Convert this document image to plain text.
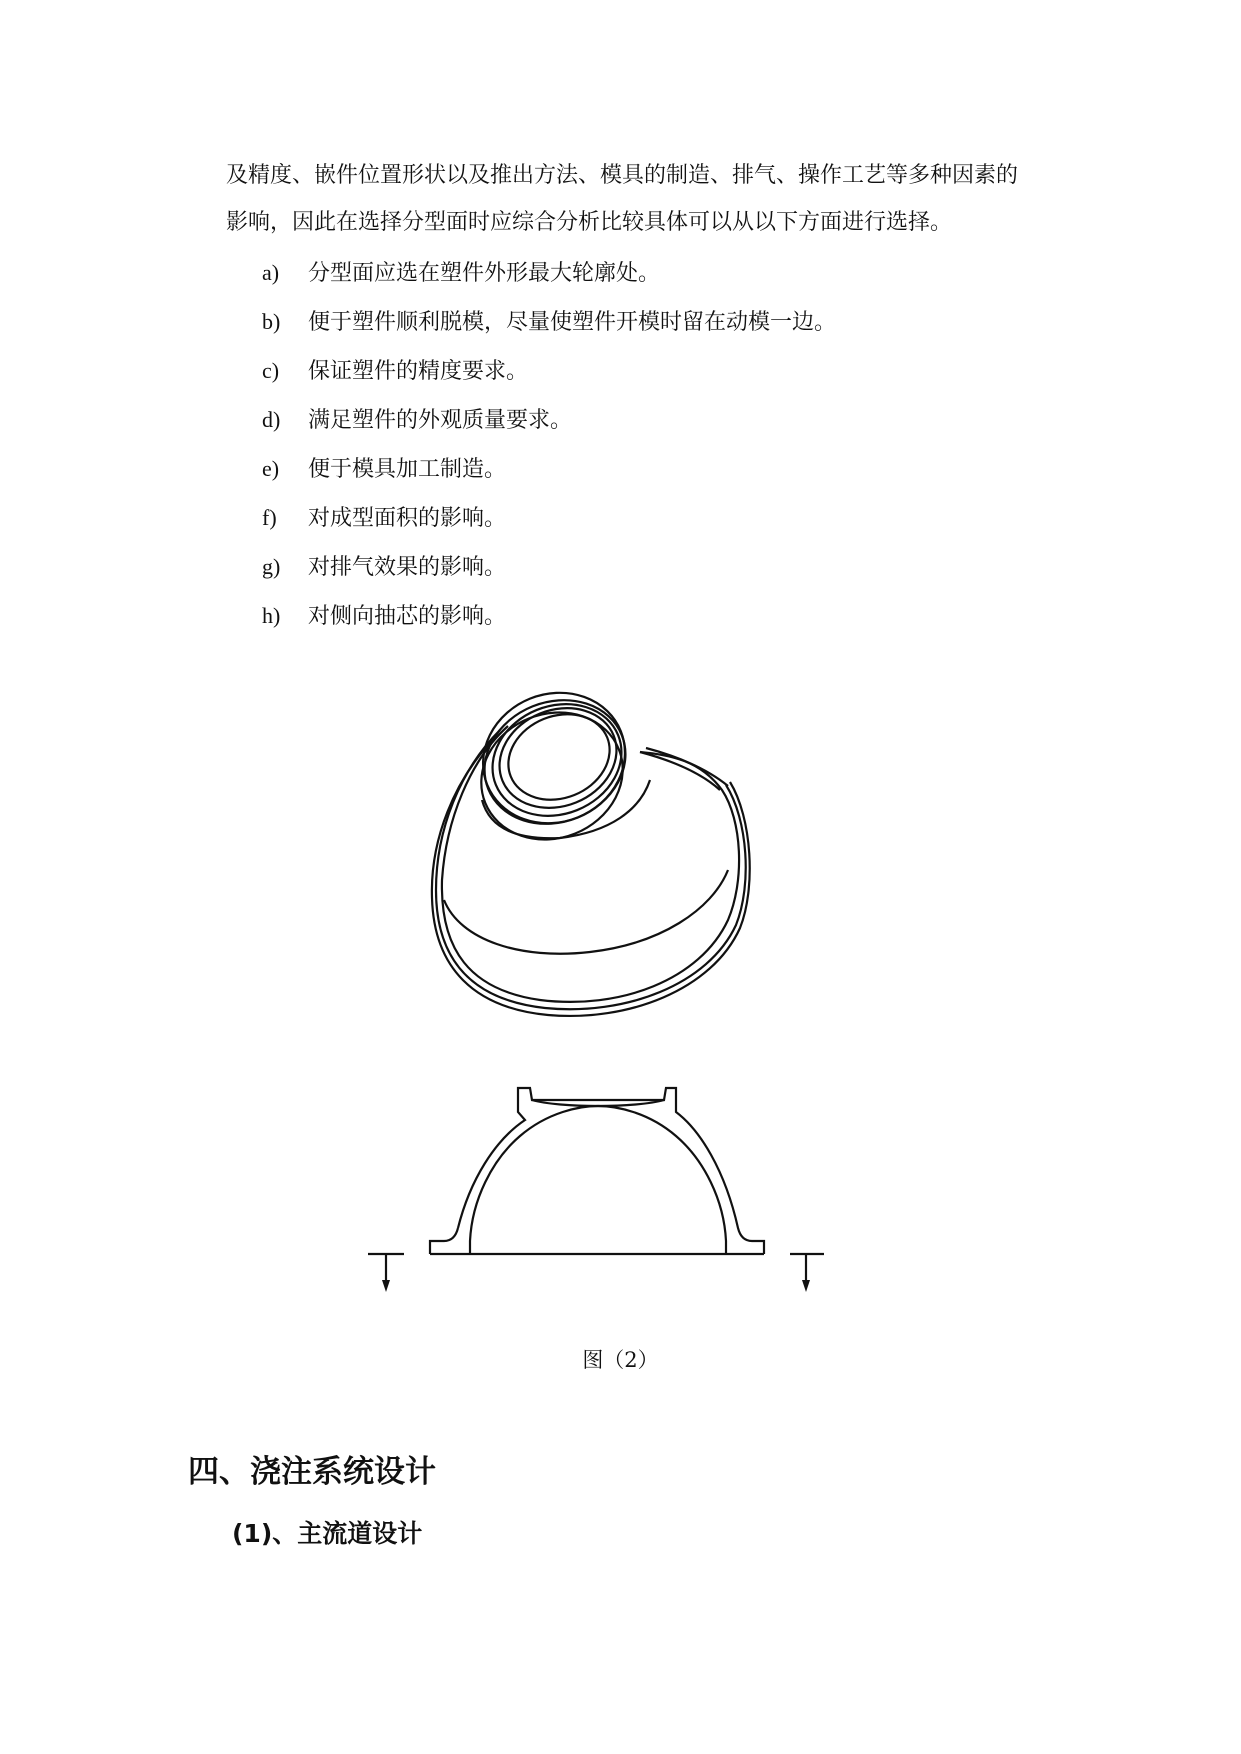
及精度、嵌件位置形状以及推出方法、模具的制造、排气、操作工艺等多种因素的
影响，因此在选择分型面时应综合分析比较具体可以从以下方面进行选择。
a) 分型面应选在塑件外形最大轮廓处。
b) 便于塑件顺利脱模，尽量使塑件开模时留在动模一边。
c) 保证塑件的精度要求。
d) 满足塑件的外观质量要求。
e) 便于模具加工制造。
f) 对成型面积的影响。
g) 对排气效果的影响。
h) 对侧向抽芯的影响。
图（2）
四、浇注系统设计
(1)、主流道设计
